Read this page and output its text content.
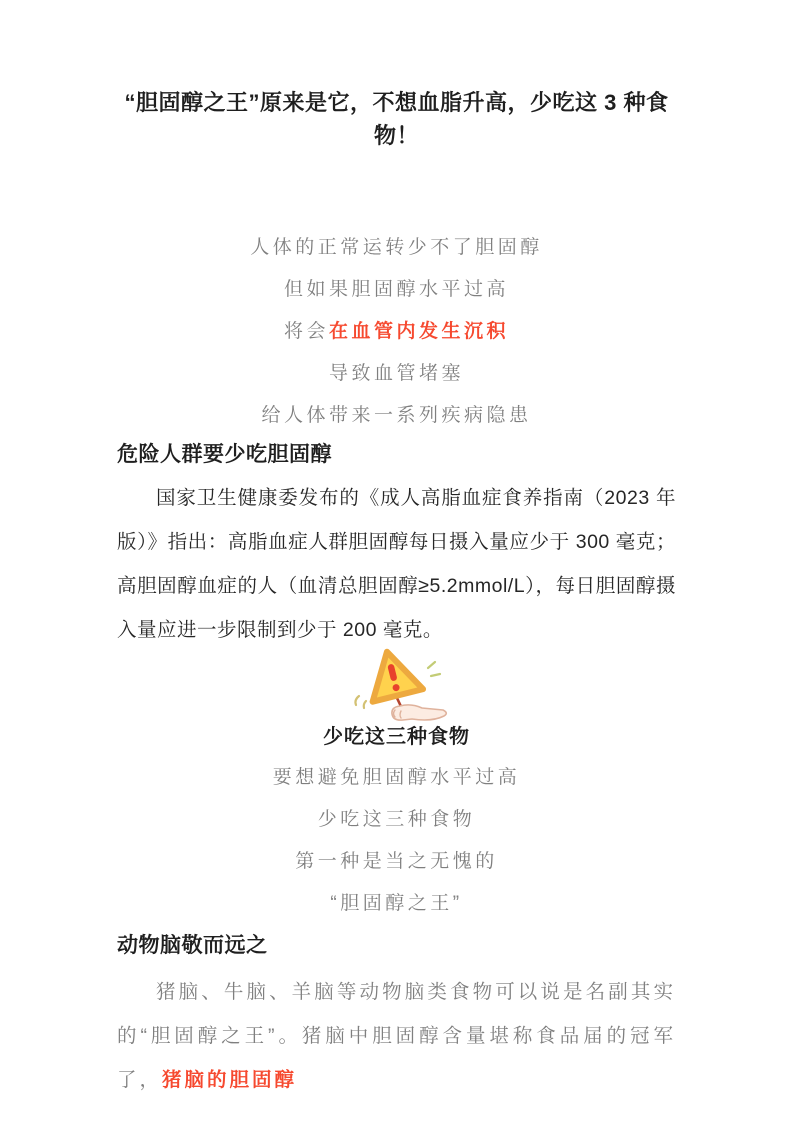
“胆固醇之王”原来是它，不想血脂升高，少吃这 3 种食物！

人体的正常运转少不了胆固醇

但如果胆固醇水平过高

将会在血管内发生沉积

导致血管堵塞

给人体带来一系列疾病隐患

危险人群要少吃胆固醇

国家卫生健康委发布的《成人高脂血症食养指南（2023 年版）》指出：高脂血症人群胆固醇每日摄入量应少于 300 毫克；高胆固醇血症的人（血清总胆固醇≥5.2mmol/L），每日胆固醇摄入量应进一步限制到少于 200 毫克。

少吃这三种食物

要想避免胆固醇水平过高

少吃这三种食物

第一种是当之无愧的

“胆固醇之王”

动物脑敬而远之

猪脑、牛脑、羊脑等动物脑类食物可以说是名副其实的“胆固醇之王”。猪脑中胆固醇含量堪称食品届的冠军了，猪脑的胆固醇
